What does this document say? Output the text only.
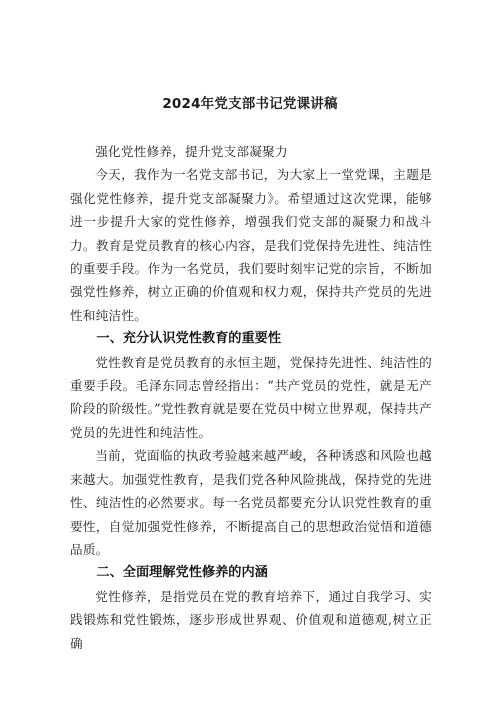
2024年党支部书记党课讲稿

强化党性修养，提升党支部凝聚力

今天，我作为一名党支部书记，为大家上一堂党课，主题是强化党性修养，提升党支部凝聚力》。希望通过这次党课，能够进一步提升大家的党性修养，增强我们党支部的凝聚力和战斗力。教育是党员教育的核心内容，是我们党保持先进性、纯洁性的重要手段。作为一名党员，我们要时刻牢记党的宗旨，不断加强党性修养，树立正确的价值观和权力观，保持共产党员的先进性和纯洁性。

一、充分认识党性教育的重要性

党性教育是党员教育的永恒主题，党保持先进性、纯洁性的重要手段。毛泽东同志曾经指出：“共产党员的党性，就是无产阶段的阶级性。”党性教育就是要在党员中树立世界观，保持共产党员的先进性和纯洁性。

当前，党面临的执政考验越来越严峻，各种诱惑和风险也越来越大。加强党性教育，是我们党各种风险挑战，保持党的先进性、纯洁性的必然要求。每一名党员都要充分认识党性教育的重要性，自觉加强党性修养，不断提高自己的思想政治觉悟和道德品质。

二、全面理解党性修养的内涵

党性修养，是指党员在党的教育培养下，通过自我学习、实践锻炼和党性锻炼，逐步形成世界观、价值观和道德观,树立正确
